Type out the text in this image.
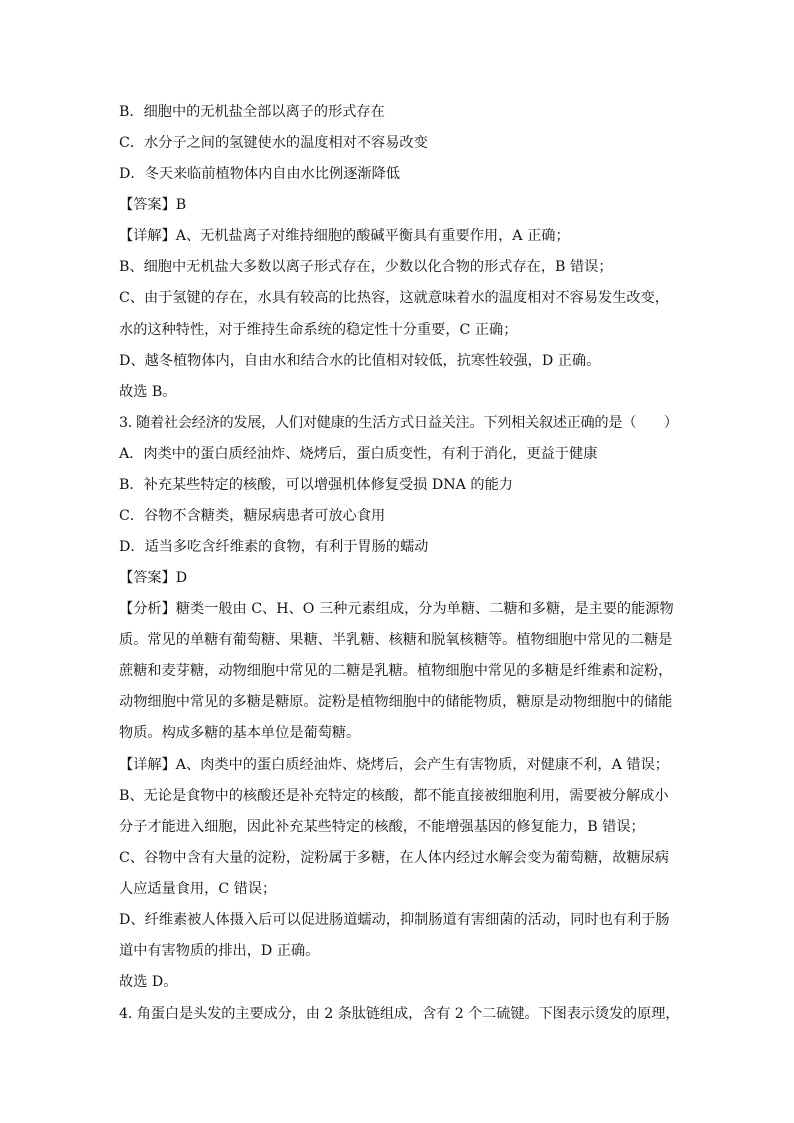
B．细胞中的无机盐全部以离子的形式存在
C．水分子之间的氢键使水的温度相对不容易改变
D．冬天来临前植物体内自由水比例逐渐降低
【答案】B
【详解】A、无机盐离子对维持细胞的酸碱平衡具有重要作用，A 正确；
B、细胞中无机盐大多数以离子形式存在，少数以化合物的形式存在，B 错误；
C、由于氢键的存在，水具有较高的比热容，这就意味着水的温度相对不容易发生改变，
水的这种特性，对于维持生命系统的稳定性十分重要，C 正确；
D、越冬植物体内，自由水和结合水的比值相对较低，抗寒性较强，D 正确。
故选 B。
3. 随着社会经济的发展，人们对健康的生活方式日益关注。下列相关叙述正确的是（　　）
A．肉类中的蛋白质经油炸、烧烤后，蛋白质变性，有利于消化，更益于健康
B．补充某些特定的核酸，可以增强机体修复受损 DNA 的能力
C．谷物不含糖类，糖尿病患者可放心食用
D．适当多吃含纤维素的食物，有利于胃肠的蠕动
【答案】D
【分析】糖类一般由 C、H、O 三种元素组成，分为单糖、二糖和多糖，是主要的能源物
质。常见的单糖有葡萄糖、果糖、半乳糖、核糖和脱氧核糖等。植物细胞中常见的二糖是
蔗糖和麦芽糖，动物细胞中常见的二糖是乳糖。植物细胞中常见的多糖是纤维素和淀粉，
动物细胞中常见的多糖是糖原。淀粉是植物细胞中的储能物质，糖原是动物细胞中的储能
物质。构成多糖的基本单位是葡萄糖。
【详解】A、肉类中的蛋白质经油炸、烧烤后，会产生有害物质，对健康不利，A 错误；
B、无论是食物中的核酸还是补充特定的核酸，都不能直接被细胞利用，需要被分解成小
分子才能进入细胞，因此补充某些特定的核酸，不能增强基因的修复能力，B 错误；
C、谷物中含有大量的淀粉，淀粉属于多糖，在人体内经过水解会变为葡萄糖，故糖尿病
人应适量食用，C 错误；
D、纤维素被人体摄入后可以促进肠道蠕动，抑制肠道有害细菌的活动，同时也有利于肠
道中有害物质的排出，D 正确。
故选 D。
4. 角蛋白是头发的主要成分，由 2 条肽链组成，含有 2 个二硫键。下图表示烫发的原理，
